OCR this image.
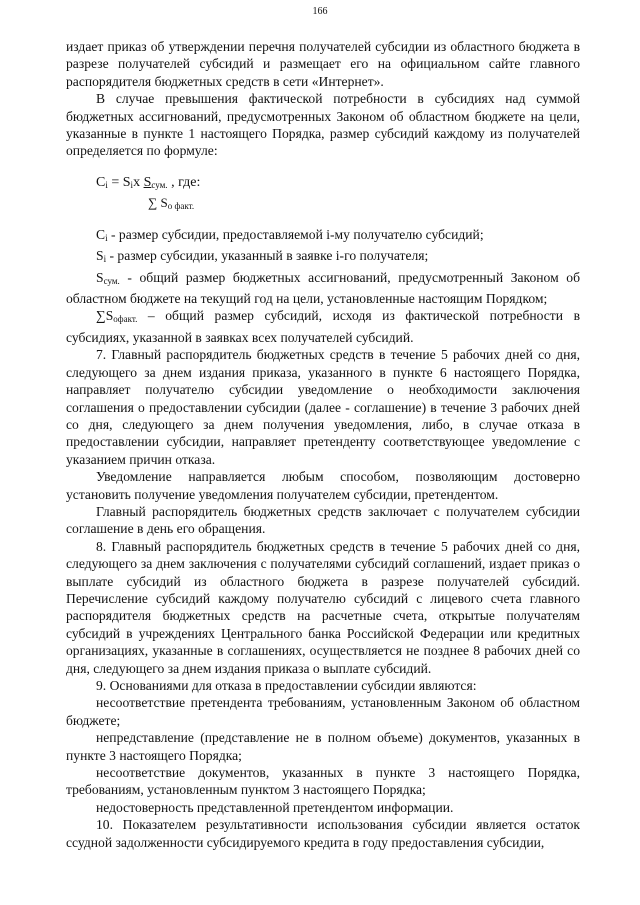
166

издает приказ об утверждении перечня получателей субсидии из областного бюджета в разрезе получателей субсидий и размещает его на официальном сайте главного распорядителя бюджетных средств в сети «Интернет».

В случае превышения фактической потребности в субсидиях над суммой бюджетных ассигнований, предусмотренных Законом об областном бюджете на цели, указанные в пункте 1 настоящего Порядка, размер субсидий каждому из получателей определяется по формуле:

$C_i = S_ix$ $S_{сум.}$ , где:
∑ $S_{о факт.}$

$C_i$ - размер субсидии, предоставляемой i-му получателю субсидий;

$S_i$ - размер субсидии, указанный в заявке i-го получателя;

$S_{сум.}$ - общий размер бюджетных ассигнований, предусмотренный Законом об областном бюджете на текущий год на цели, установленные настоящим Порядком;

$\sum S_{офакт.}$ – общий размер субсидий, исходя из фактической потребности в субсидиях, указанной в заявках всех получателей субсидий.

7. Главный распорядитель бюджетных средств в течение 5 рабочих дней со дня, следующего за днем издания приказа, указанного в пункте 6 настоящего Порядка, направляет получателю субсидии уведомление о необходимости заключения соглашения о предоставлении субсидии (далее - соглашение) в течение 3 рабочих дней со дня, следующего за днем получения уведомления, либо, в случае отказа в предоставлении субсидии, направляет претенденту соответствующее уведомление с указанием причин отказа.

Уведомление направляется любым способом, позволяющим достоверно установить получение уведомления получателем субсидии, претендентом.

Главный распорядитель бюджетных средств заключает с получателем субсидии соглашение в день его обращения.

8. Главный распорядитель бюджетных средств в течение 5 рабочих дней со дня, следующего за днем заключения с получателями субсидий соглашений, издает приказ о выплате субсидий из областного бюджета в разрезе получателей субсидий. Перечисление субсидий каждому получателю субсидий с лицевого счета главного распорядителя бюджетных средств на расчетные счета, открытые получателям субсидий в учреждениях Центрального банка Российской Федерации или кредитных организациях, указанные в соглашениях, осуществляется не позднее 8 рабочих дней со дня, следующего за днем издания приказа о выплате субсидий.

9. Основаниями для отказа в предоставлении субсидии являются:

несоответствие претендента требованиям, установленным Законом об областном бюджете;

непредставление (представление не в полном объеме) документов, указанных в пункте 3 настоящего Порядка;

несоответствие документов, указанных в пункте 3 настоящего Порядка, требованиям, установленным пунктом 3 настоящего Порядка;

недостоверность представленной претендентом информации.

10. Показателем результативности использования субсидии является остаток ссудной задолженности субсидируемого кредита в году предоставления субсидии,
